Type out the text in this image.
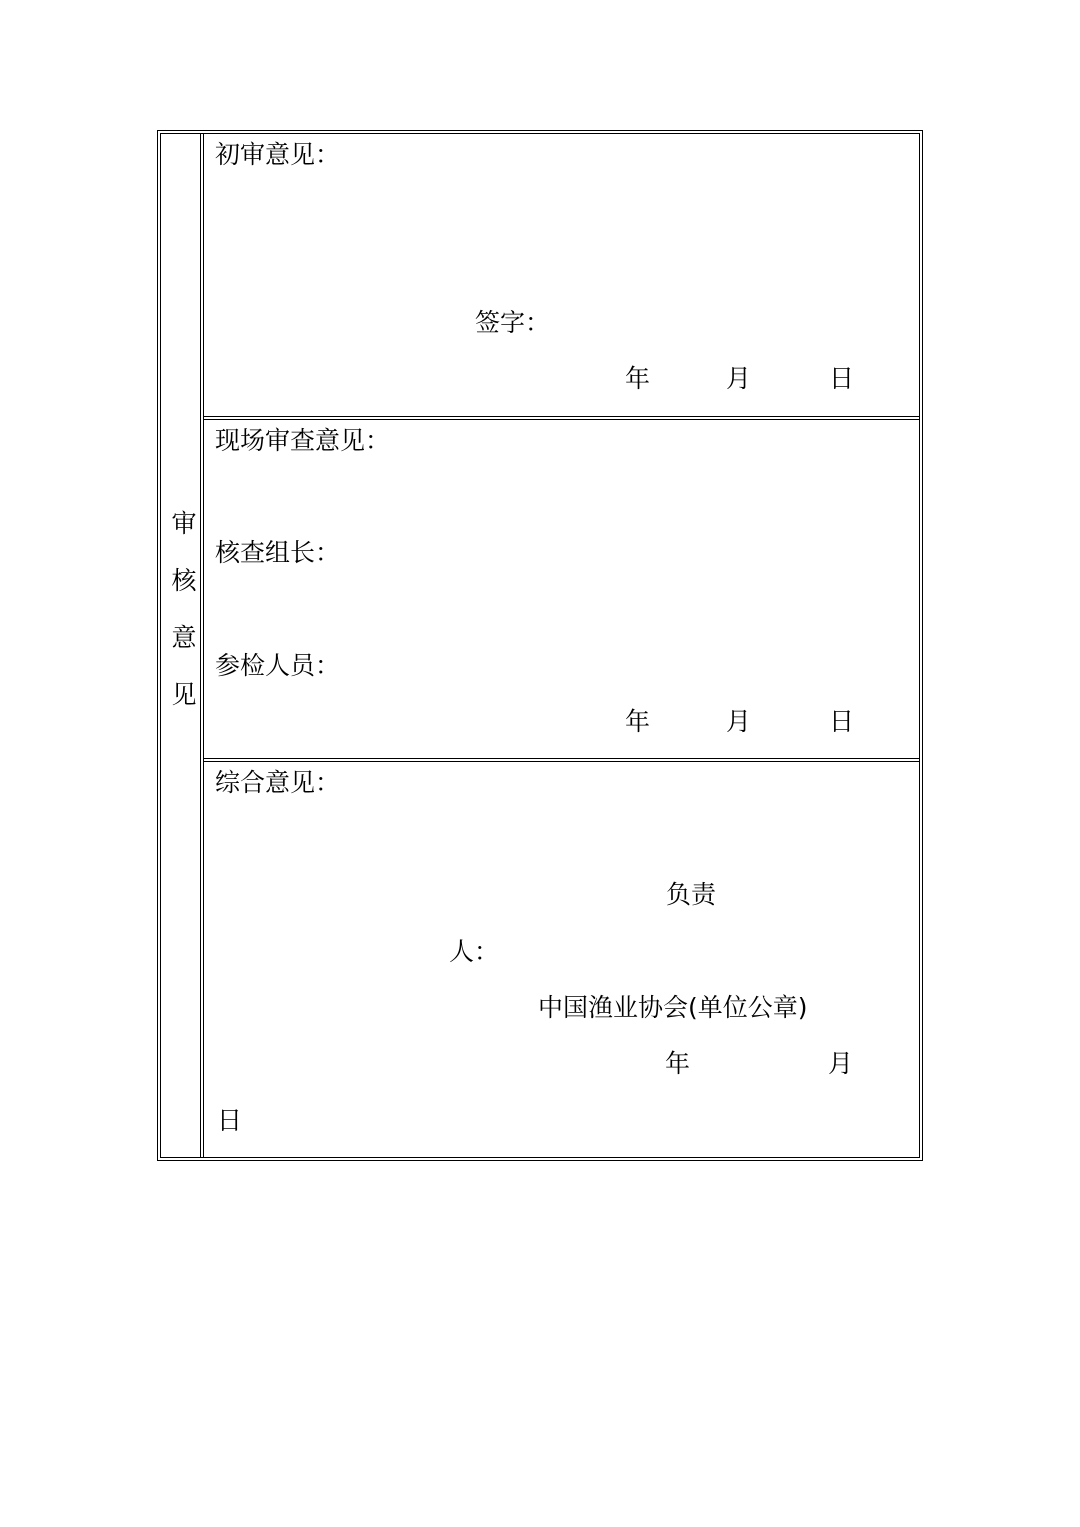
审
核
意
见
初审意见：
签字：
年	月	日
现场审查意见：
核查组长：
参检人员：
年	月	日
综合意见：
负责
人：
中国渔业协会(单位公章)
年	月
日
